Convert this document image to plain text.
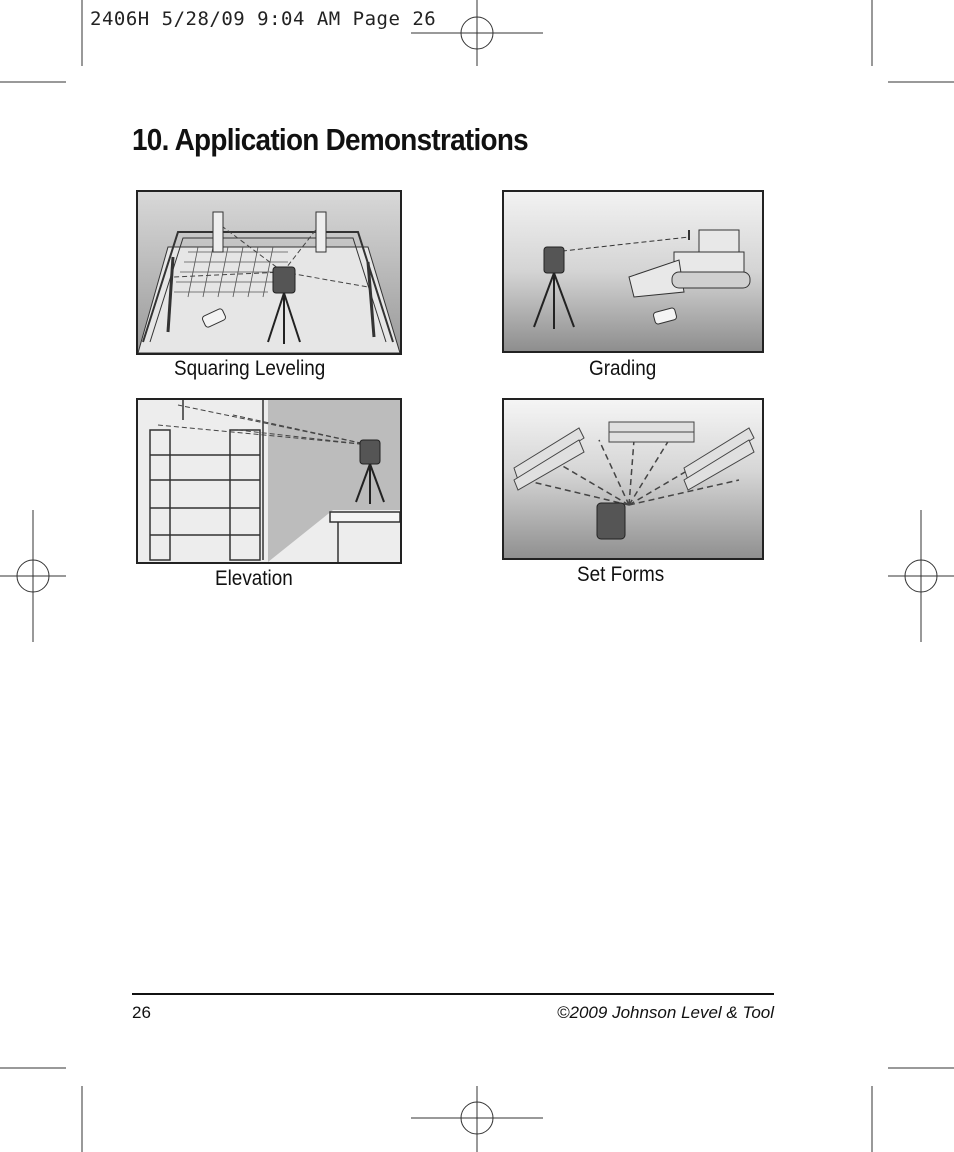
2406H 5/28/09 9:04 AM Page 26
10. Application Demonstrations
Squaring Leveling	Grading
Elevation	Set Forms
26	©2009 Johnson Level & Tool
